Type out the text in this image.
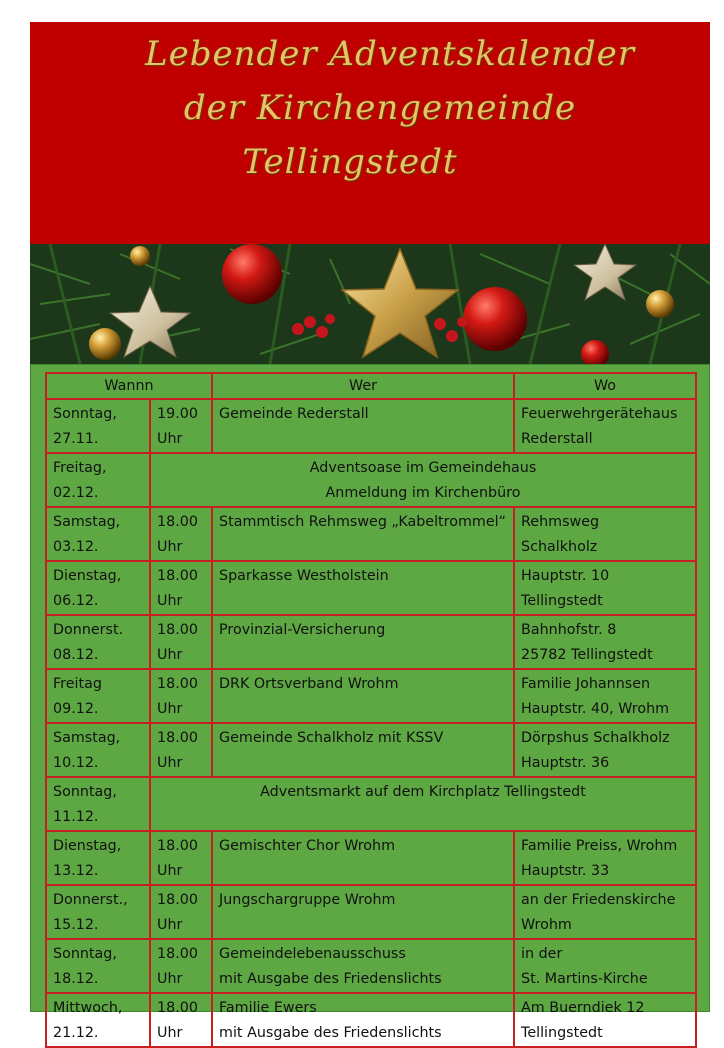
Lebender Adventskalender
der Kirchengemeinde
Tellingstedt
Wannn		Wer	Wo

Sonntag,
27.11.	19.00
Uhr	Gemeinde Rederstall	Feuerwehrgerätehaus
Rederstall

Freitag,
02.12.	Adventsoase im Gemeindehaus
Anmeldung im Kirchenbüro		

Samstag,
03.12.	18.00
Uhr	Stammtisch Rehmsweg „Kabeltrommel“	Rehmsweg
Schalkholz

Dienstag,
06.12.	18.00
Uhr	Sparkasse Westholstein	Hauptstr. 10
Tellingstedt

Donnerst.
08.12.	18.00
Uhr	Provinzial-Versicherung	Bahnhofstr. 8
25782 Tellingstedt

Freitag
09.12.	18.00
Uhr	DRK Ortsverband Wrohm	Familie Johannsen
Hauptstr. 40, Wrohm

Samstag,
10.12.	18.00
Uhr	Gemeinde Schalkholz mit KSSV	Dörpshus Schalkholz
Hauptstr. 36

Sonntag,
11.12.	Adventsmarkt auf dem Kirchplatz Tellingstedt		

Dienstag,
13.12.	18.00
Uhr	Gemischter Chor Wrohm	Familie Preiss, Wrohm
Hauptstr. 33

Donnerst.,
15.12.	18.00
Uhr	Jungschargruppe Wrohm	an der Friedenskirche
Wrohm

Sonntag,
18.12.	18.00
Uhr	Gemeindelebenausschuss
mit Ausgabe des Friedenslichts	in der
St. Martins-Kirche

Mittwoch,
21.12.	18.00
Uhr	Familie Ewers
mit Ausgabe des Friedenslichts	Am Buerndiek 12
Tellingstedt
